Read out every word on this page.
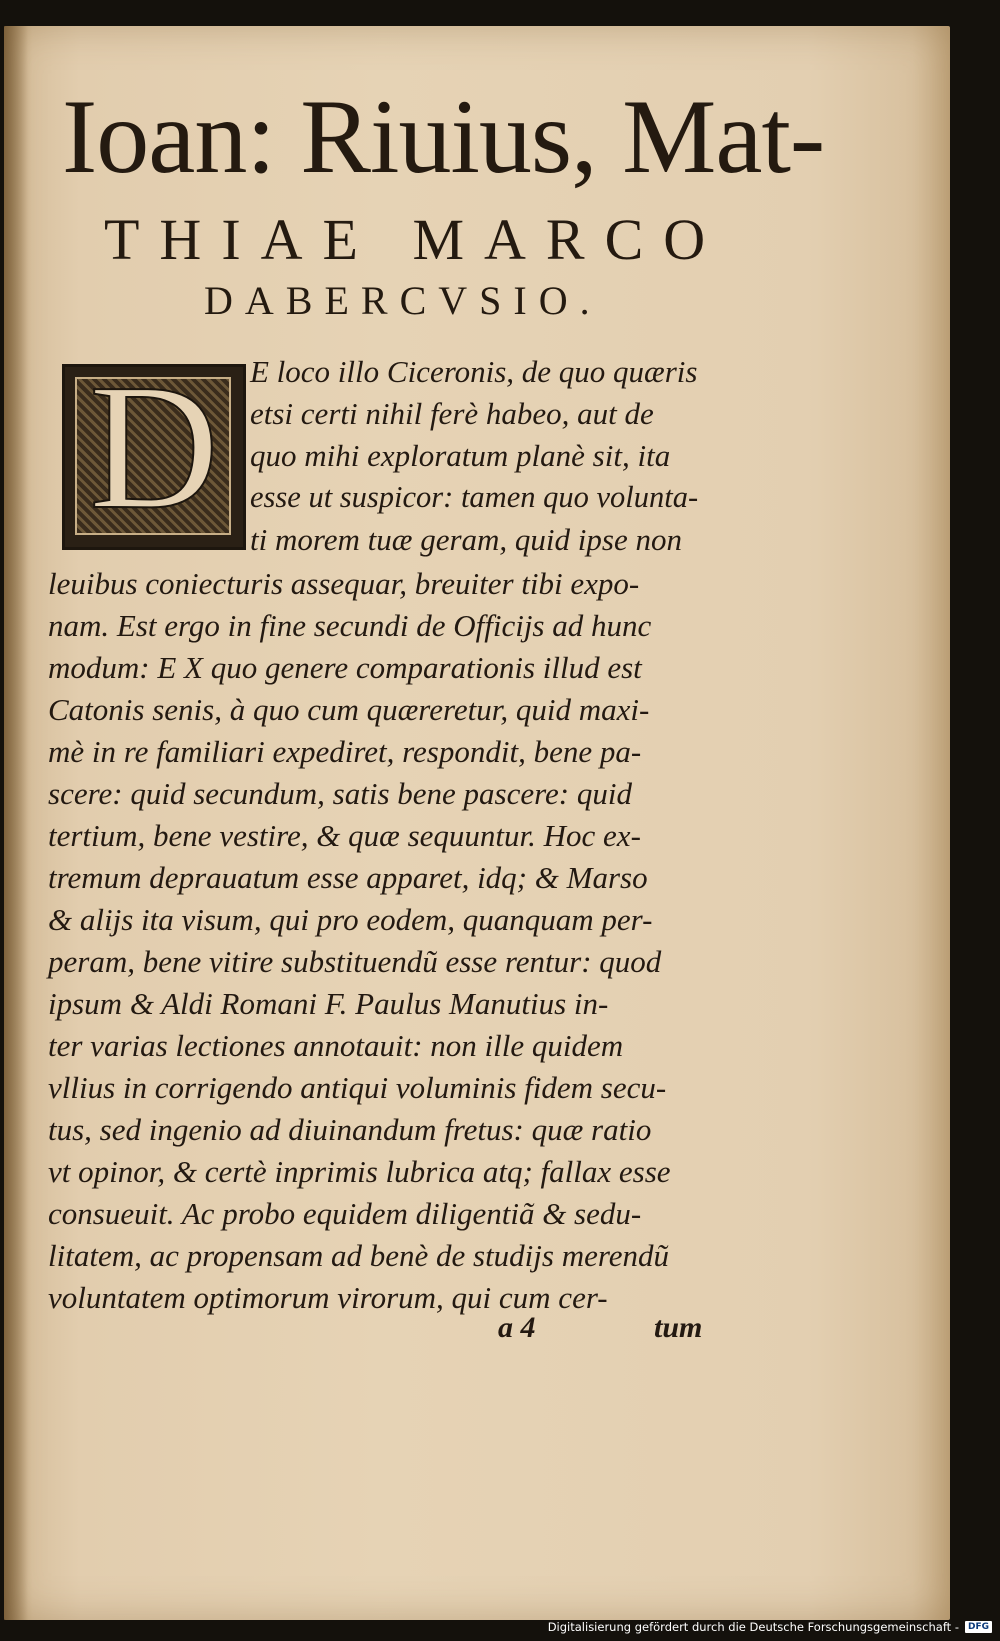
Ioan: Riuius, Mat-
THIAE MARCO
DABERCVSIO.
D	E loco illo Ciceronis, de quo quæris
etsi certi nihil ferè habeo, aut de
quo mihi exploratum planè sit, ita
esse ut suspicor: tamen quo volunta-
ti morem tuæ geram, quid ipse non
leuibus coniecturis assequar, breuiter tibi expo-
nam. Est ergo in fine secundi de Officijs ad hunc
modum: E X quo genere comparationis illud est
Catonis senis, à quo cum quæreretur, quid maxi-
mè in re familiari expediret, respondit, bene pa-
scere: quid secundum, satis bene pascere: quid
tertium, bene vestire, & quæ sequuntur. Hoc ex-
tremum deprauatum esse apparet, idq; & Marso
& alijs ita visum, qui pro eodem, quanquam per-
peram, bene vitire substituendũ esse rentur: quod
ipsum & Aldi Romani F. Paulus Manutius in-
ter varias lectiones annotauit: non ille quidem
vllius in corrigendo antiqui voluminis fidem secu-
tus, sed ingenio ad diuinandum fretus: quæ ratio
vt opinor, & certè inprimis lubrica atq; fallax esse
consueuit. Ac probo equidem diligentiã & sedu-
litatem, ac propensam ad benè de studijs merendũ
voluntatem optimorum virorum, qui cum cer-
a 4	tum
Digitalisierung gefördert durch die Deutsche Forschungsgemeinschaft -	DFG
